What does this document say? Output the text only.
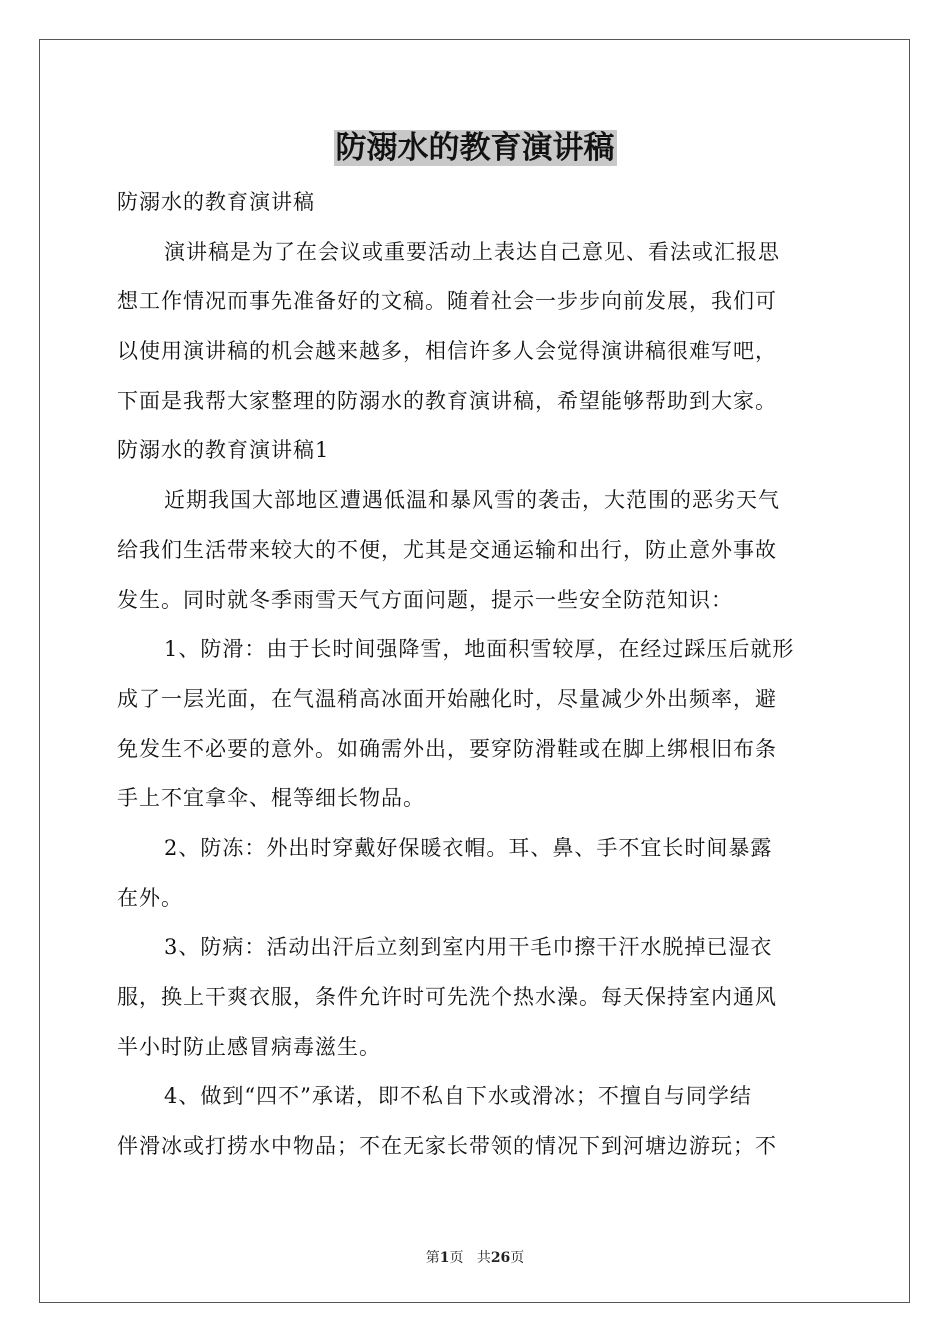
防溺水的教育演讲稿
防溺水的教育演讲稿
演讲稿是为了在会议或重要活动上表达自己意见、看法或汇报思
想工作情况而事先准备好的文稿。随着社会一步步向前发展，我们可
以使用演讲稿的机会越来越多，相信许多人会觉得演讲稿很难写吧，
下面是我帮大家整理的防溺水的教育演讲稿，希望能够帮助到大家。
防溺水的教育演讲稿1
近期我国大部地区遭遇低温和暴风雪的袭击，大范围的恶劣天气
给我们生活带来较大的不便，尤其是交通运输和出行，防止意外事故
发生。同时就冬季雨雪天气方面问题，提示一些安全防范知识：
1、防滑：由于长时间强降雪，地面积雪较厚，在经过踩压后就形
成了一层光面，在气温稍高冰面开始融化时，尽量减少外出频率，避
免发生不必要的意外。如确需外出，要穿防滑鞋或在脚上绑根旧布条
手上不宜拿伞、棍等细长物品。
2、防冻：外出时穿戴好保暖衣帽。耳、鼻、手不宜长时间暴露
在外。
3、防病：活动出汗后立刻到室内用干毛巾擦干汗水脱掉已湿衣
服，换上干爽衣服，条件允许时可先洗个热水澡。每天保持室内通风
半小时防止感冒病毒滋生。
4、做到“四不”承诺，即不私自下水或滑冰；不擅自与同学结
伴滑冰或打捞水中物品；不在无家长带领的情况下到河塘边游玩；不
第1页 共26页
